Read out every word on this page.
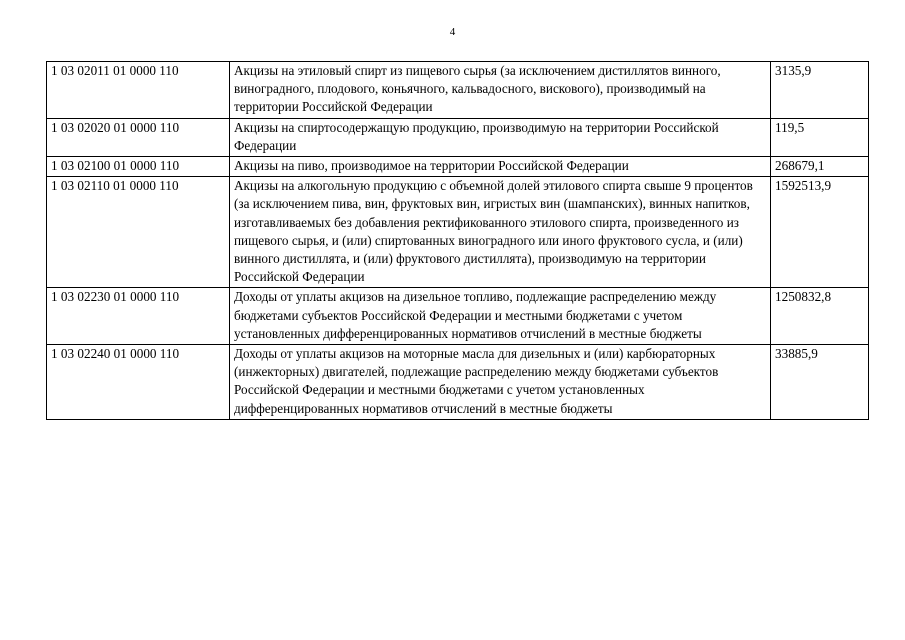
4
1 03 02011 01 0000 110	Акцизы на этиловый спирт из пищевого сырья (за исключением дистиллятов винного, виноградного, плодового, коньячного, кальвадосного, вискового), производимый на территории Российской Федерации	3135,9
1 03 02020 01 0000 110	Акцизы на спиртосодержащую продукцию, производимую на территории Российской Федерации	119,5
1 03 02100 01 0000 110	Акцизы на пиво, производимое на территории Российской Федерации	268679,1
1 03 02110 01 0000 110	Акцизы на алкогольную продукцию с объемной долей этилового спирта свыше 9 процентов (за исключением пива, вин, фруктовых вин, игристых вин (шампанских), винных напитков, изготавливаемых без добавления ректификованного этилового спирта, произведенного из пищевого сырья, и (или) спиртованных виноградного или иного фруктового сусла, и (или) винного дистиллята, и (или) фруктового дистиллята), производимую на территории Российской Федерации	1592513,9
1 03 02230 01 0000 110	Доходы от уплаты акцизов на дизельное топливо, подлежащие распределению между бюджетами субъектов Российской Федерации и местными бюджетами с учетом установленных дифференцированных нормативов отчислений в местные бюджеты	1250832,8
1 03 02240 01 0000 110	Доходы от уплаты акцизов на моторные масла для дизельных и (или) карбюраторных (инжекторных) двигателей, подлежащие распределению между бюджетами субъектов Российской Федерации и местными бюджетами с учетом установленных дифференцированных нормативов отчислений в местные бюджеты	33885,9
